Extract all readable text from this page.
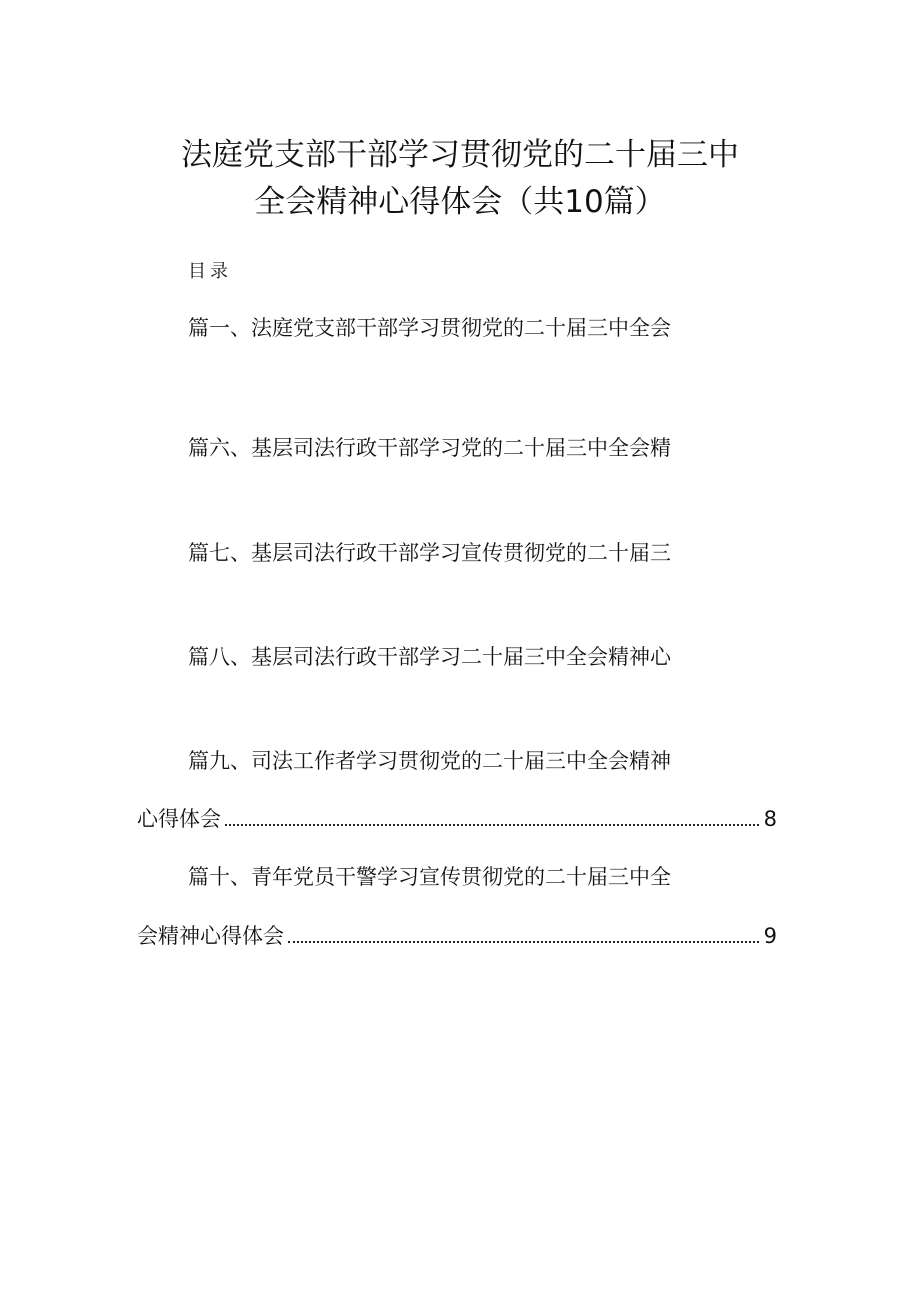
法庭党支部干部学习贯彻党的二十届三中
全会精神心得体会（共10篇）
目录
篇一、法庭党支部干部学习贯彻党的二十届三中全会
篇六、基层司法行政干部学习党的二十届三中全会精
篇七、基层司法行政干部学习宣传贯彻党的二十届三
篇八、基层司法行政干部学习二十届三中全会精神心
篇九、司法工作者学习贯彻党的二十届三中全会精神
心得体会	8
篇十、青年党员干警学习宣传贯彻党的二十届三中全
会精神心得体会	9
